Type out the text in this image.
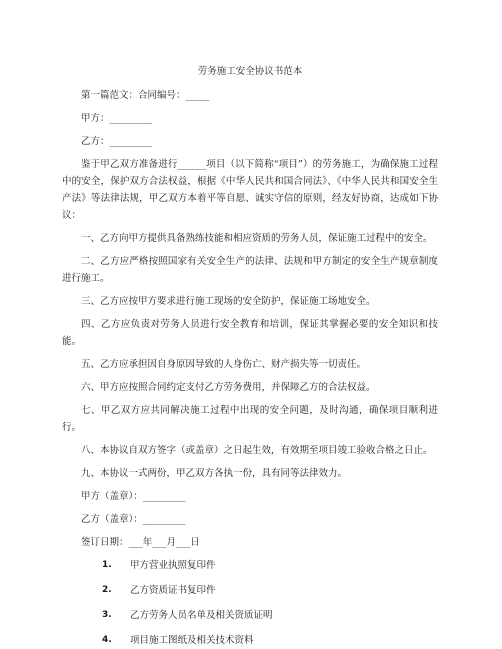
劳务施工安全协议书范本

第一篇范文：合同编号：_____

甲方：_________

乙方：_________

鉴于甲乙双方准备进行______项目（以下简称“项目”）的劳务施工，为确保施工过程中的安全，保护双方合法权益，根据《中华人民共和国合同法》、《中华人民共和国安全生产法》等法律法规，甲乙双方本着平等自愿、诚实守信的原则，经友好协商，达成如下协议：

一、乙方向甲方提供具备熟练技能和相应资质的劳务人员，保证施工过程中的安全。

二、乙方应严格按照国家有关安全生产的法律、法规和甲方制定的安全生产规章制度进行施工。

三、乙方应按甲方要求进行施工现场的安全防护，保证施工场地安全。

四、乙方应负责对劳务人员进行安全教育和培训，保证其掌握必要的安全知识和技能。

五、乙方应承担因自身原因导致的人身伤亡、财产损失等一切责任。

六、甲方应按照合同约定支付乙方劳务费用，并保障乙方的合法权益。

七、甲乙双方应共同解决施工过程中出现的安全问题，及时沟通，确保项目顺利进行。

八、本协议自双方签字（或盖章）之日起生效，有效期至项目竣工验收合格之日止。

九、本协议一式两份，甲乙双方各执一份，具有同等法律效力。

甲方（盖章）：_________

乙方（盖章）：_________

签订日期：___年___月___日

1.	甲方营业执照复印件
2.	乙方资质证书复印件
3.	乙方劳务人员名单及相关资质证明
4.	项目施工图纸及相关技术资料
